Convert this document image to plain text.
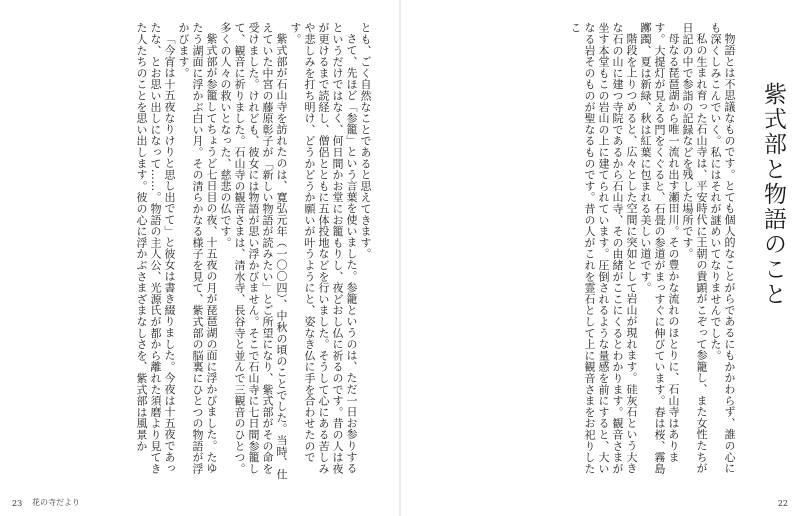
とも、ごく自然なことであると思えてきます。

さて、先ほど「参籠」という言葉を使いました。参籠というのは、ただ一日お参りするというだけではなく、何日間かお堂にお籠もりし、夜どおし仏に祈るのです。昔の人は夜が更けるまで読経し、僧侶とともに五体投地などを行いました。そうして心にある苦しみや悲しみを打ち明け、どうかどうか願いが叶うようにと、姿なき仏に手を合わせたのです。

紫式部が石山寺を訪れたのは、寛弘元年（一〇〇四）、中秋の頃のことでした。当時、仕えていた中宮の藤原彰子が「新しい物語が読みたい」とご所望になり、紫式部がその命を受けました。けれども、彼女には物語が思い浮かびません。そこで石山寺に七日間参籠して、観音に祈りました。石山寺の観音さまは、清水寺、長谷寺と並んで三観音のひとつ。多くの人々の救いとなった、慈悲の仏です。

紫式部が参籠してちょうど七日目の夜、十五夜の月が琵琶湖の面に浮かびました。たゆたう湖面に浮かぶ白い月。その清らかなる様子を見て、紫式部の脳裏にひとつの物語が浮かびます。

「今宵は十五夜なりけりと思し出でて」と彼女は書き綴りました。今夜は十五夜であったな、とお思い出しになって……。物語の主人公、光源氏が都から離れた須磨より見てきた人たちのことを思い出します。彼の心に浮かぶさまざまなしさを、紫式部は風景か

23 花の寺だより
紫式部と物語のこと

物語とは不思議なものです。とても個人的なことがらであるにもかかわらず、誰の心にも深くしみこんでいく。私にはそれが謎めいてなりませんでした。

私の生まれ育った石山寺は、平安時代に王朝の貴顕がこぞって参籠し、また女性たちが日記の中で参詣の記録などを残した場所です。

母なる琵琶湖から唯一流れ出す瀬田川。その豊かな流れのほとりに、石山寺はあります。大提灯が見える門をくぐると、石畳の参道がまっすぐに伸びています。春は桜、霧島躑躅、夏は新緑、秋は紅葉に包まれる美しい道です。

階段を上りつめると、広々とした空間に突如として岩山が現れます。硅灰石という大きな石の山に建つ寺院であるから石山寺、その由緒がここにくるとわかります。観音さまが坐す本堂もこの岩山の上に建てられています。圧倒されるような量感を前にすると、大いなる岩そのものが聖なるものです。昔の人がこれを霊石として上に観音さまをお祀りしたこ

22
